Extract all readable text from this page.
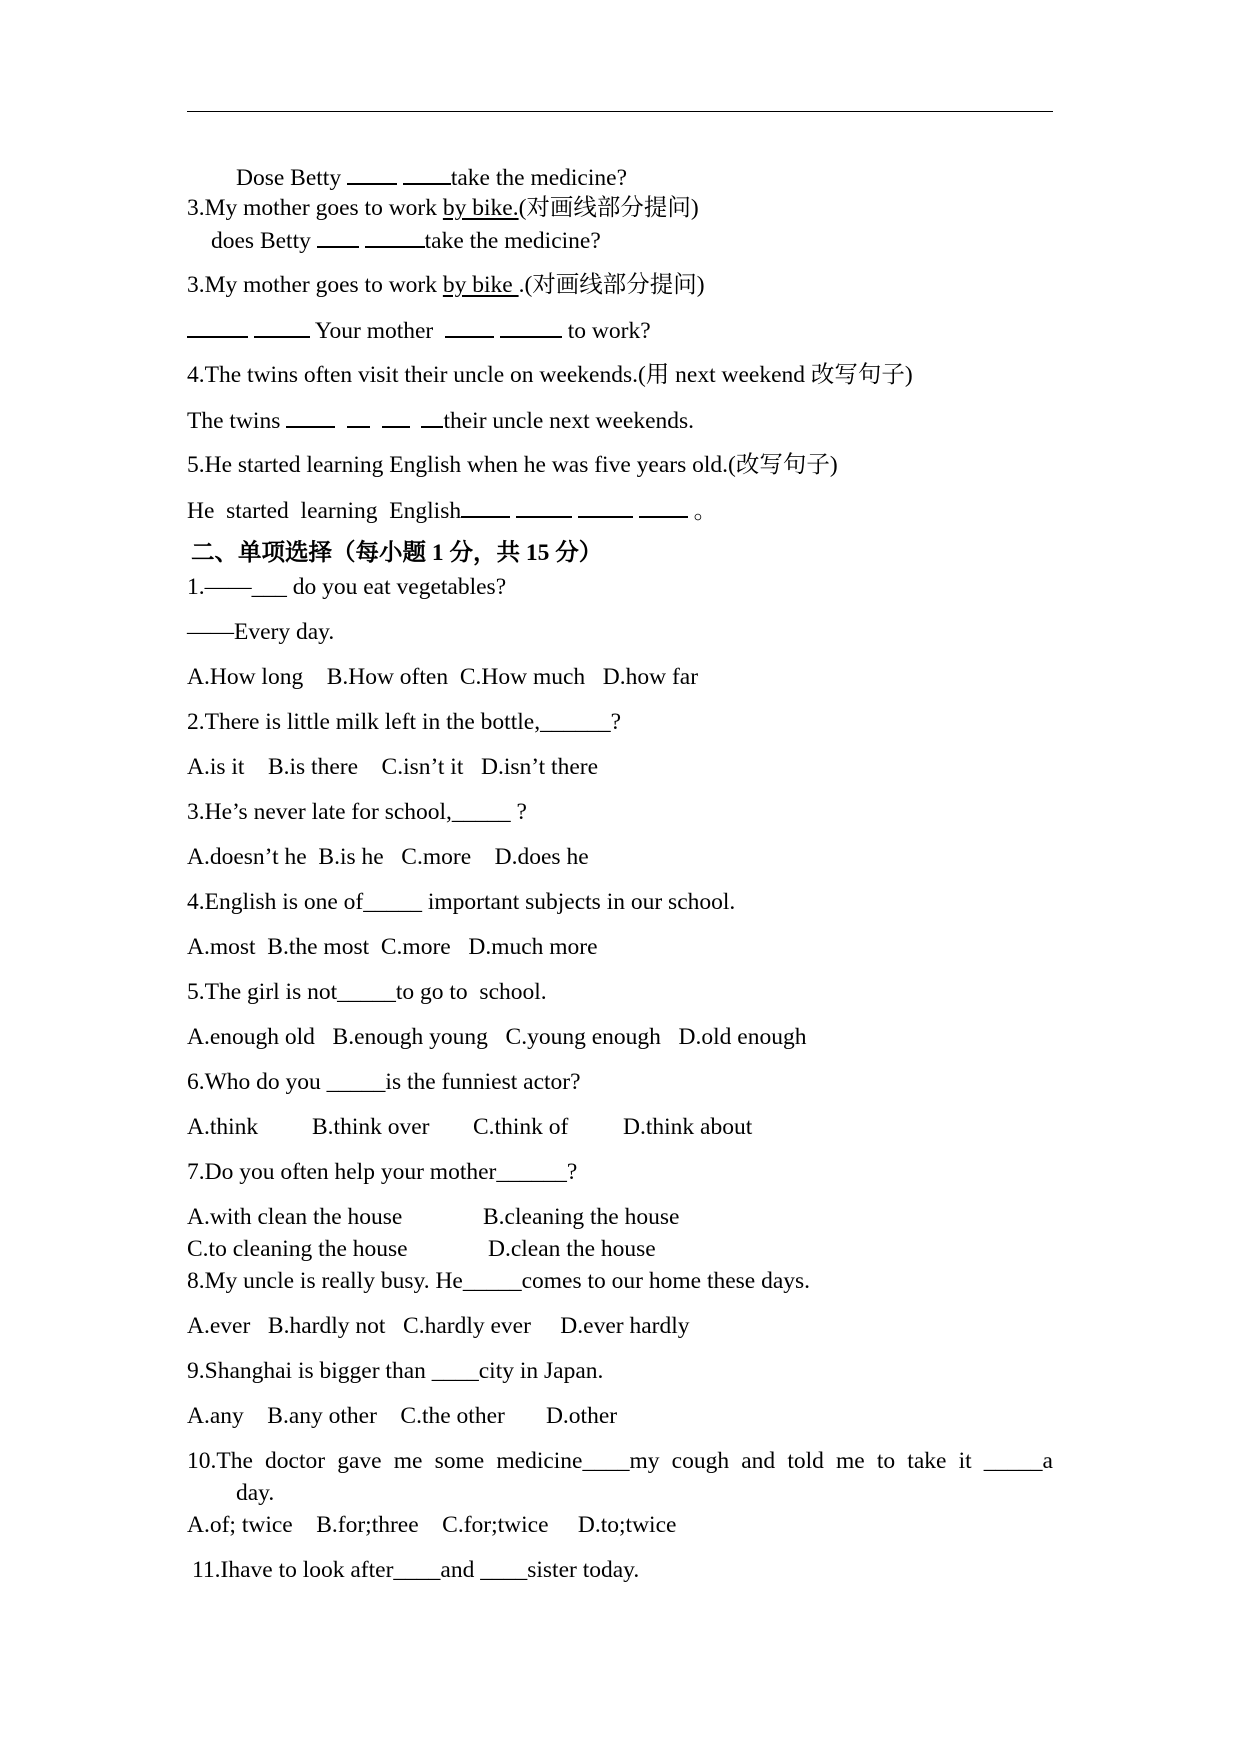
Dose Betty	take the medicine?
3.My mother goes to work by bike.(对画线部分提问)
does Betty	take the medicine?
3.My mother goes to work by bike .(对画线部分提问)
Your mother	to work?
4.The twins often visit their uncle on weekends.(用 next weekend 改写句子)
The twins	their uncle next weekends.
5.He started learning English when he was five years old.(改写句子)
He  started  learning  English	。
二、单项选择（每小题 1 分，共 15 分）
1.——___ do you eat vegetables?
——Every day.
A.How long    B.How often  C.How much   D.how far
2.There is little milk left in the bottle,______?
A.is it    B.is there    C.isn’t it   D.isn’t there
3.He’s never late for school,_____ ?
A.doesn’t he  B.is he   C.more    D.does he
4.English is one of_____ important subjects in our school.
A.most  B.the most  C.more   D.much more
5.The girl is not_____to go to  school.
A.enough old   B.enough young   C.young enough   D.old enough
6.Who do you _____is the funniest actor?
A.think B.think over C.think of D.think about
7.Do you often help your mother______?
A.with clean the house	B.cleaning the house
C.to cleaning the house	D.clean the house
8.My uncle is really busy. He_____comes to our home these days.
A.ever   B.hardly not   C.hardly ever     D.ever hardly
9.Shanghai is bigger than ____city in Japan.
A.any    B.any other    C.the other       D.other
10.The doctor gave me some medicine____my cough and told me to take it _____a
day.
A.of; twice    B.for;three    C.for;twice     D.to;twice
11.Ihave to look after____and ____sister today.
